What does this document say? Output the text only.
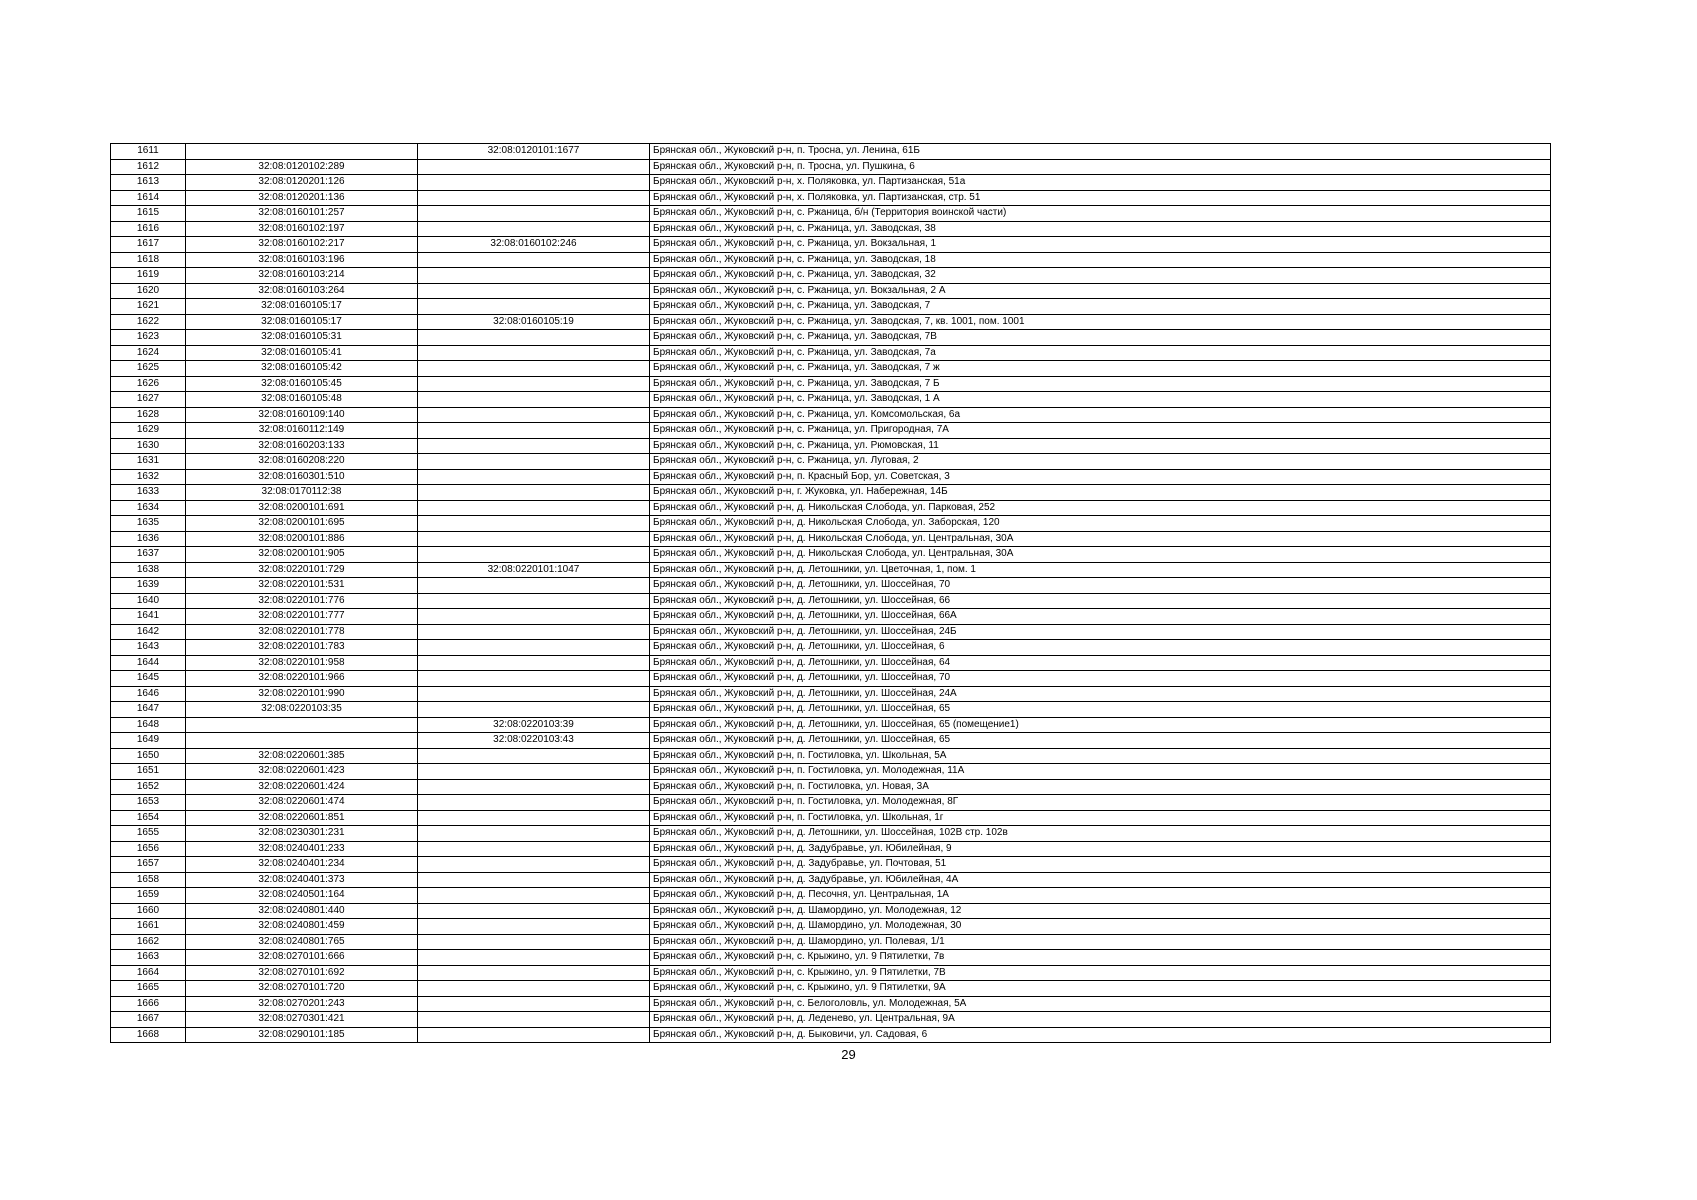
1611		32:08:0120101:1677	Брянская обл., Жуковский р-н, п. Тросна, ул. Ленина, 61Б
1612	32:08:0120102:289		Брянская обл., Жуковский р-н, п. Тросна, ул. Пушкина, 6
1613	32:08:0120201:126		Брянская обл., Жуковский р-н, х. Поляковка, ул. Партизанская, 51а
1614	32:08:0120201:136		Брянская обл., Жуковский р-н, х. Поляковка, ул. Партизанская, стр. 51
1615	32:08:0160101:257		Брянская обл., Жуковский р-н, с. Ржаница, б/н (Территория воинской части)
1616	32:08:0160102:197		Брянская обл., Жуковский р-н, с. Ржаница, ул. Заводская, 38
1617	32:08:0160102:217	32:08:0160102:246	Брянская обл., Жуковский р-н, с. Ржаница, ул. Вокзальная, 1
1618	32:08:0160103:196		Брянская обл., Жуковский р-н, с. Ржаница, ул. Заводская, 18
1619	32:08:0160103:214		Брянская обл., Жуковский р-н, с. Ржаница, ул. Заводская, 32
1620	32:08:0160103:264		Брянская обл., Жуковский р-н, с. Ржаница, ул. Вокзальная, 2 А
1621	32:08:0160105:17		Брянская обл., Жуковский р-н, с. Ржаница, ул. Заводская, 7
1622	32:08:0160105:17	32:08:0160105:19	Брянская обл., Жуковский р-н, с. Ржаница, ул. Заводская, 7, кв. 1001, пом. 1001
1623	32:08:0160105:31		Брянская обл., Жуковский р-н, с. Ржаница, ул. Заводская, 7В
1624	32:08:0160105:41		Брянская обл., Жуковский р-н, с. Ржаница, ул. Заводская, 7а
1625	32:08:0160105:42		Брянская обл., Жуковский р-н, с. Ржаница, ул. Заводская, 7 ж
1626	32:08:0160105:45		Брянская обл., Жуковский р-н, с. Ржаница, ул. Заводская, 7 Б
1627	32:08:0160105:48		Брянская обл., Жуковский р-н, с. Ржаница, ул. Заводская, 1 А
1628	32:08:0160109:140		Брянская обл., Жуковский р-н, с. Ржаница, ул. Комсомольская, 6а
1629	32:08:0160112:149		Брянская обл., Жуковский р-н, с. Ржаница, ул. Пригородная, 7А
1630	32:08:0160203:133		Брянская обл., Жуковский р-н, с. Ржаница, ул. Рюмовская, 11
1631	32:08:0160208:220		Брянская обл., Жуковский р-н, с. Ржаница, ул. Луговая, 2
1632	32:08:0160301:510		Брянская обл., Жуковский р-н, п. Красный Бор, ул. Советская, 3
1633	32:08:0170112:38		Брянская обл., Жуковский р-н, г. Жуковка, ул. Набережная, 14Б
1634	32:08:0200101:691		Брянская обл., Жуковский р-н, д. Никольская Слобода, ул. Парковая, 252
1635	32:08:0200101:695		Брянская обл., Жуковский р-н, д. Никольская Слобода, ул. Заборская, 120
1636	32:08:0200101:886		Брянская обл., Жуковский р-н, д. Никольская Слобода, ул. Центральная, 30А
1637	32:08:0200101:905		Брянская обл., Жуковский р-н, д. Никольская Слобода, ул. Центральная, 30А
1638	32:08:0220101:729	32:08:0220101:1047	Брянская обл., Жуковский р-н, д. Летошники, ул. Цветочная, 1, пом. 1
1639	32:08:0220101:531		Брянская обл., Жуковский р-н, д. Летошники, ул. Шоссейная, 70
1640	32:08:0220101:776		Брянская обл., Жуковский р-н, д. Летошники, ул. Шоссейная, 66
1641	32:08:0220101:777		Брянская обл., Жуковский р-н, д. Летошники, ул. Шоссейная, 66А
1642	32:08:0220101:778		Брянская обл., Жуковский р-н, д. Летошники, ул. Шоссейная, 24Б
1643	32:08:0220101:783		Брянская обл., Жуковский р-н, д. Летошники, ул. Шоссейная, 6
1644	32:08:0220101:958		Брянская обл., Жуковский р-н, д. Летошники, ул. Шоссейная, 64
1645	32:08:0220101:966		Брянская обл., Жуковский р-н, д. Летошники, ул. Шоссейная, 70
1646	32:08:0220101:990		Брянская обл., Жуковский р-н, д. Летошники, ул. Шоссейная, 24А
1647	32:08:0220103:35		Брянская обл., Жуковский р-н, д. Летошники, ул. Шоссейная, 65
1648		32:08:0220103:39	Брянская обл., Жуковский р-н, д. Летошники, ул. Шоссейная, 65 (помещение1)
1649		32:08:0220103:43	Брянская обл., Жуковский р-н, д. Летошники, ул. Шоссейная, 65
1650	32:08:0220601:385		Брянская обл., Жуковский р-н, п. Гостиловка, ул. Школьная, 5А
1651	32:08:0220601:423		Брянская обл., Жуковский р-н, п. Гостиловка, ул. Молодежная, 11А
1652	32:08:0220601:424		Брянская обл., Жуковский р-н, п. Гостиловка, ул. Новая, 3А
1653	32:08:0220601:474		Брянская обл., Жуковский р-н, п. Гостиловка, ул. Молодежная, 8Г
1654	32:08:0220601:851		Брянская обл., Жуковский р-н, п. Гостиловка, ул. Школьная, 1г
1655	32:08:0230301:231		Брянская обл., Жуковский р-н, д. Летошники, ул. Шоссейная, 102В стр. 102в
1656	32:08:0240401:233		Брянская обл., Жуковский р-н, д. Задубравье, ул. Юбилейная, 9
1657	32:08:0240401:234		Брянская обл., Жуковский р-н, д. Задубравье, ул. Почтовая, 51
1658	32:08:0240401:373		Брянская обл., Жуковский р-н, д. Задубравье, ул. Юбилейная, 4А
1659	32:08:0240501:164		Брянская обл., Жуковский р-н, д. Песочня, ул. Центральная, 1А
1660	32:08:0240801:440		Брянская обл., Жуковский р-н, д. Шамордино, ул. Молодежная, 12
1661	32:08:0240801:459		Брянская обл., Жуковский р-н, д. Шамордино, ул. Молодежная, 30
1662	32:08:0240801:765		Брянская обл., Жуковский р-н, д. Шамордино, ул. Полевая, 1/1
1663	32:08:0270101:666		Брянская обл., Жуковский р-н, с. Крыжино, ул. 9 Пятилетки, 7в
1664	32:08:0270101:692		Брянская обл., Жуковский р-н, с. Крыжино, ул. 9 Пятилетки, 7В
1665	32:08:0270101:720		Брянская обл., Жуковский р-н, с. Крыжино, ул. 9 Пятилетки, 9А
1666	32:08:0270201:243		Брянская обл., Жуковский р-н, с. Белоголовль, ул. Молодежная, 5А
1667	32:08:0270301:421		Брянская обл., Жуковский р-н, д. Леденево, ул. Центральная, 9А
1668	32:08:0290101:185		Брянская обл., Жуковский р-н, д. Быковичи, ул. Садовая, 6
29
